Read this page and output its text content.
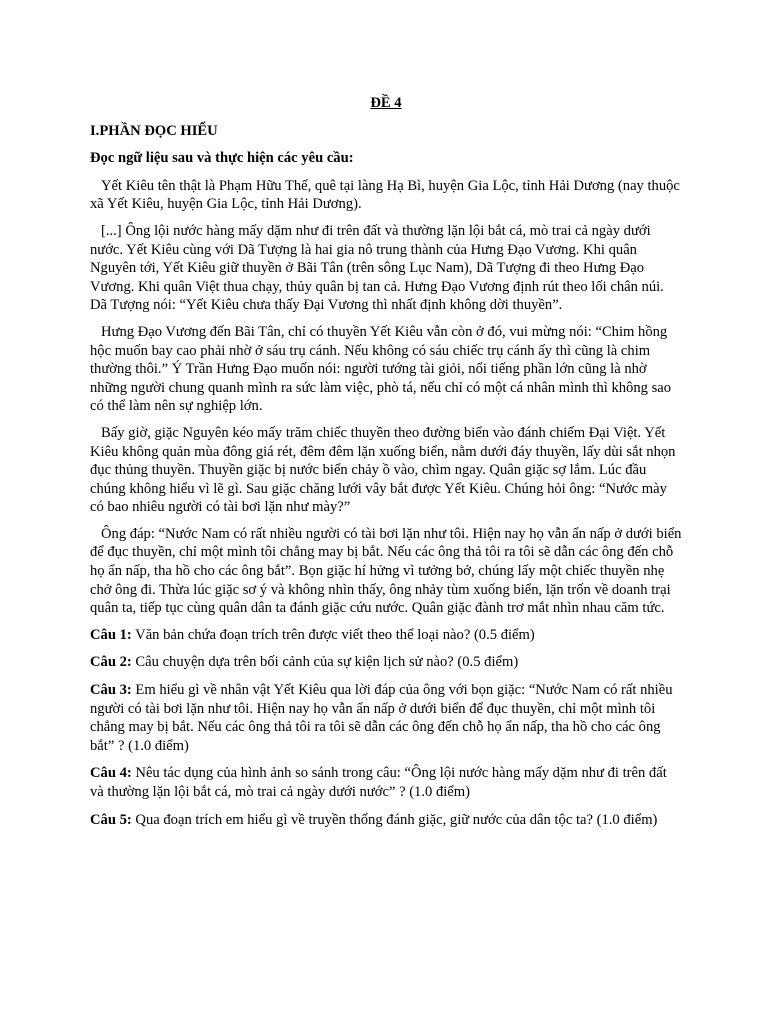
ĐỀ 4
I.PHẦN ĐỌC HIỂU
Đọc ngữ liệu sau và thực hiện các yêu cầu:

Yết Kiêu tên thật là Phạm Hữu Thế, quê tại làng Hạ Bì, huyện Gia Lộc, tỉnh Hải Dương (nay thuộc xã Yết Kiêu, huyện Gia Lộc, tỉnh Hải Dương).

[...] Ông lội nước hàng mấy dặm như đi trên đất và thường lặn lội bắt cá, mò trai cả ngày dưới nước. Yết Kiêu cùng với Dã Tượng là hai gia nô trung thành của Hưng Đạo Vương. Khi quân Nguyên tới, Yết Kiêu giữ thuyền ở Bãi Tân (trên sông Lục Nam), Dã Tượng đi theo Hưng Đạo Vương. Khi quân Việt thua chạy, thủy quân bị tan cả. Hưng Đạo Vương định rút theo lối chân núi. Dã Tượng nói: “Yết Kiêu chưa thấy Đại Vương thì nhất định không dời thuyền”.

Hưng Đạo Vương đến Bãi Tân, chỉ có thuyền Yết Kiêu vẫn còn ở đó, vui mừng nói: “Chim hồng hộc muốn bay cao phải nhờ ở sáu trụ cánh. Nếu không có sáu chiếc trụ cánh ấy thì cũng là chim thường thôi.” Ý Trần Hưng Đạo muốn nói: người tướng tài giỏi, nổi tiếng phần lớn cũng là nhờ những người chung quanh mình ra sức làm việc, phò tá, nếu chỉ có một cá nhân mình thì không sao có thể làm nên sự nghiệp lớn.

Bấy giờ, giặc Nguyên kéo mấy trăm chiếc thuyền theo đường biển vào đánh chiếm Đại Việt. Yết Kiêu không quản mùa đông giá rét, đêm đêm lặn xuống biển, nằm dưới đáy thuyền, lấy dùi sắt nhọn đục thủng thuyền. Thuyền giặc bị nước biển chảy ồ vào, chìm ngay. Quân giặc sợ lắm. Lúc đầu chúng không hiểu vì lẽ gì. Sau giặc chăng lưới vây bắt được Yết Kiêu. Chúng hỏi ông: “Nước mày có bao nhiêu người có tài bơi lặn như mày?”

Ông đáp: “Nước Nam có rất nhiều người có tài bơi lặn như tôi. Hiện nay họ vẫn ẩn nấp ở dưới biển để đục thuyền, chỉ một mình tôi chẳng may bị bắt. Nếu các ông thả tôi ra tôi sẽ dẫn các ông đến chỗ họ ẩn nấp, tha hồ cho các ông bắt”. Bọn giặc hí hửng vì tưởng bở, chúng lấy một chiếc thuyền nhẹ chở ông đi. Thừa lúc giặc sơ ý và không nhìn thấy, ông nhảy tùm xuống biển, lặn trốn về doanh trại quân ta, tiếp tục cùng quân dân ta đánh giặc cứu nước. Quân giặc đành trơ mắt nhìn nhau căm tức.

Câu 1: Văn bản chứa đoạn trích trên được viết theo thể loại nào? (0.5 điểm)

Câu 2: Câu chuyện dựa trên bối cảnh của sự kiện lịch sử nào? (0.5 điểm)

Câu 3: Em hiểu gì về nhân vật Yết Kiêu qua lời đáp của ông với bọn giặc: “Nước Nam có rất nhiều người có tài bơi lặn như tôi. Hiện nay họ vẫn ẩn nấp ở dưới biển để đục thuyền, chỉ một mình tôi chẳng may bị bắt. Nếu các ông thả tôi ra tôi sẽ dẫn các ông đến chỗ họ ẩn nấp, tha hồ cho các ông bắt” ? (1.0 điểm)

Câu 4: Nêu tác dụng của hình ảnh so sánh trong câu: “Ông lội nước hàng mấy dặm như đi trên đất và thường lặn lội bắt cá, mò trai cả ngày dưới nước” ? (1.0 điểm)

Câu 5: Qua đoạn trích em hiểu gì về truyền thống đánh giặc, giữ nước của dân tộc ta? (1.0 điểm)
